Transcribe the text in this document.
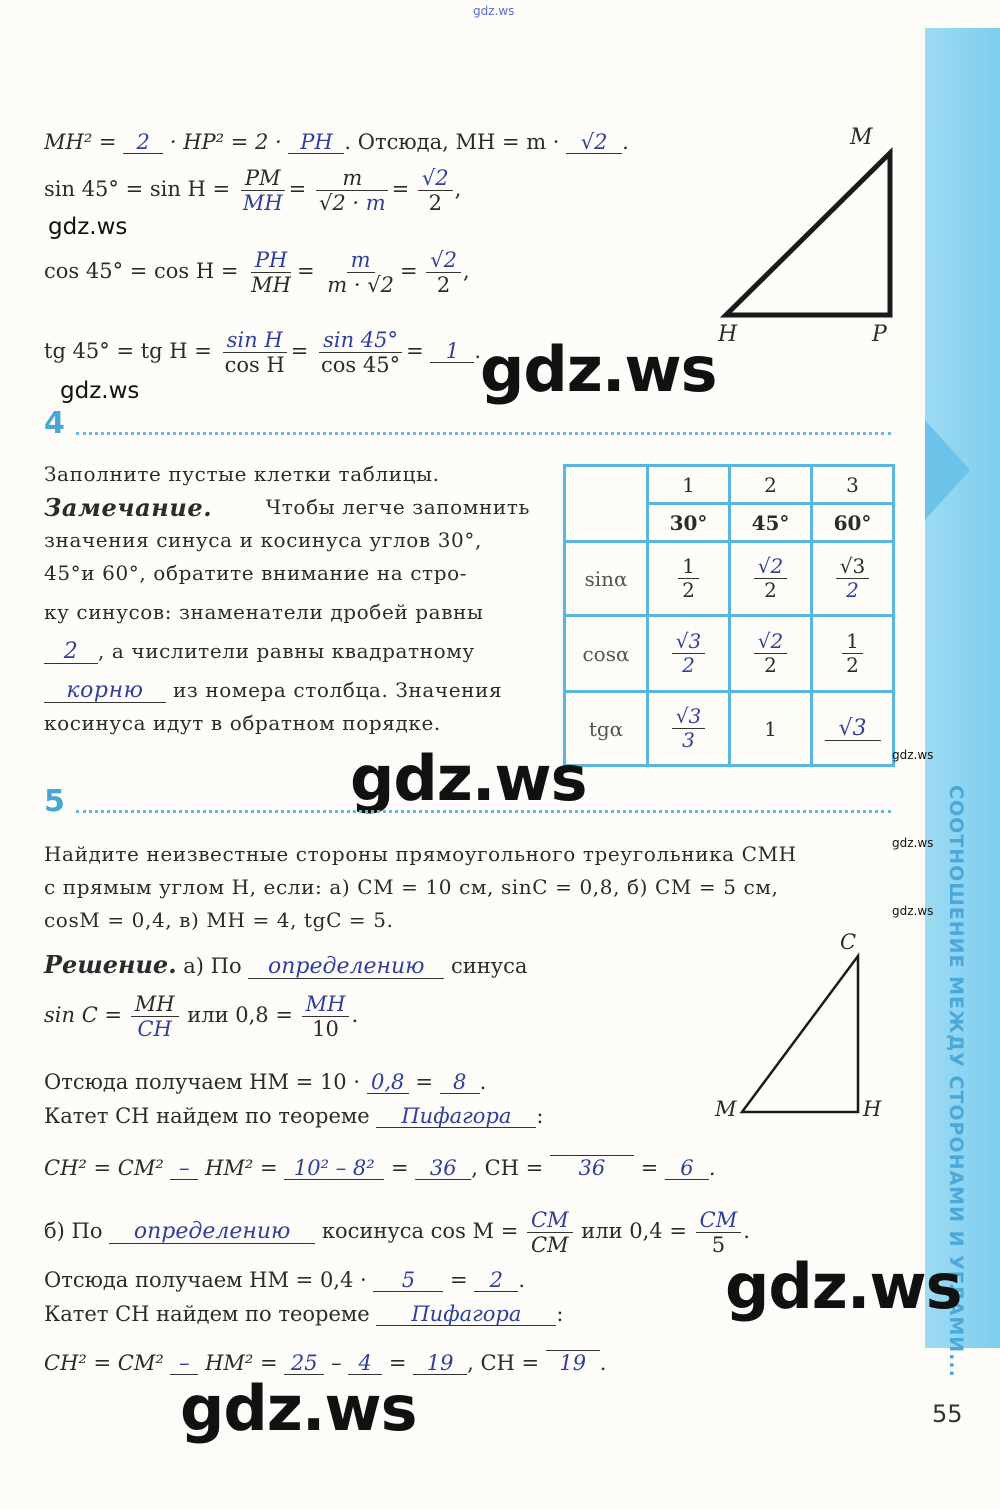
gdz.ws
СООТНОШЕНИЕ МЕЖДУ СТОРОНАМИ И УГЛАМИ...
MH² = 2 · HP² = 2 · PH . Отсюда, MH = m · √2 .
$\sin 45^\circ = \sin H = \frac{PM}{MH} = \frac{m}{√2 \cdot m} = \frac{√2}{2}$ ,
gdz.ws
$\cos 45^\circ = \cos H = \frac{PH}{MH} = \frac{m}{m \cdot √2} = \frac{√2}{2}$ ,
tg 45° = tg $H = \frac{\text{sin H}}{\text{cos H}} = \frac{\sin 45^\circ}{\cos 45^\circ} = 1$ .
gdz.ws	gdz.ws
M
H	P
4
Заполните пустые клетки таблицы.
Замечание.	Чтобы легче запомнить
значения синуса и косинуса углов 30°,
45°и 60°, обратите внимание на стро-
ку синусов: знаменатели дробей равны
2 , а числители равны квадратному
корню из номера столбца. Значения
косинуса идут в обратном порядке.
	1	2	3
	30°	45°	60°
sinα	$\frac{1}{2}$	$\frac{√2}{2}$	$\frac{√3}{2}$

cosα	$\frac{√3}{2}$	$\frac{√2}{2}$	$\frac{1}{2}$

tgα	$\frac{√3}{3}$	1	√3
gdz.ws
gdz.ws
5
Найдите неизвестные стороны прямоугольного треугольника CMH
с прямым углом H, если: а) CM = 10 см, sinC = 0,8, б) CM = 5 см,
cosM = 0,4, в) MH = 4, tgC = 5.
gdz.ws
gdz.ws
Решение. а) По определению синуса
$\sin C = \frac{MH}{CH}$ или $0,8 = \frac{MH}{10}$ .
Отсюда получаем HM = 10 · 0,8 = 8 .
Катет CH найдем по теореме Пифагора :
CH² = CM² – HM² = 10² – 8² = 36 , CH = 36 = 6 .
б) По определению косинуса $\cos M = \frac{CM}{CM}$ или $0,4 = \frac{CM}{5}$ .
Отсюда получаем HM = 0,4 · 5 = 2 .
Катет CH найдем по теореме Пифагора :
CH² = CM² – HM² = 25 – 4 = 19 , CH = 19 .
C
M	H
gdz.ws
gdz.ws	55
